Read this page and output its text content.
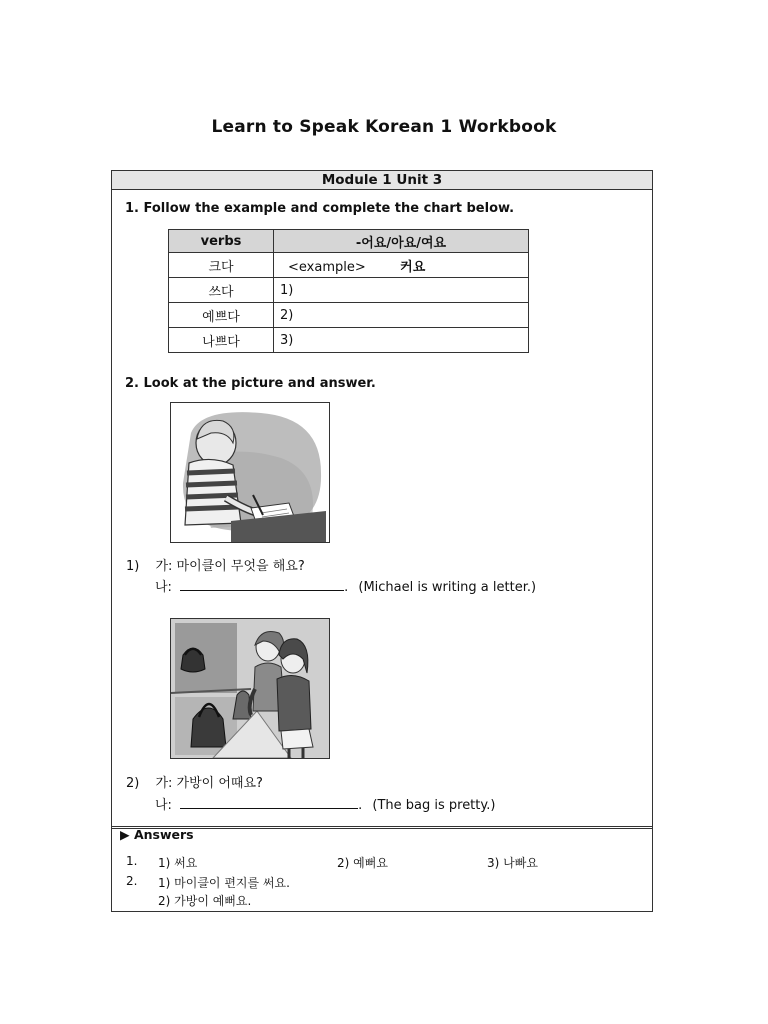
Learn to Speak Korean 1 Workbook
Module 1 Unit 3
1. Follow the example and complete the chart below.
verbs	-어요/아요/여요
크다	<example> 커요
쓰다	1)
예쁘다	2)
나쁘다	3)
2. Look at the picture and answer.
1) 가: 마이클이 무엇을 해요?
나:	. (Michael is writing a letter.)
2) 가: 가방이 어때요?
나:	. (The bag is pretty.)
▶ Answers
1. 1) 써요	2) 예뻐요	3) 나빠요
2. 1) 마이클이 편지를 써요.
2) 가방이 예뻐요.
